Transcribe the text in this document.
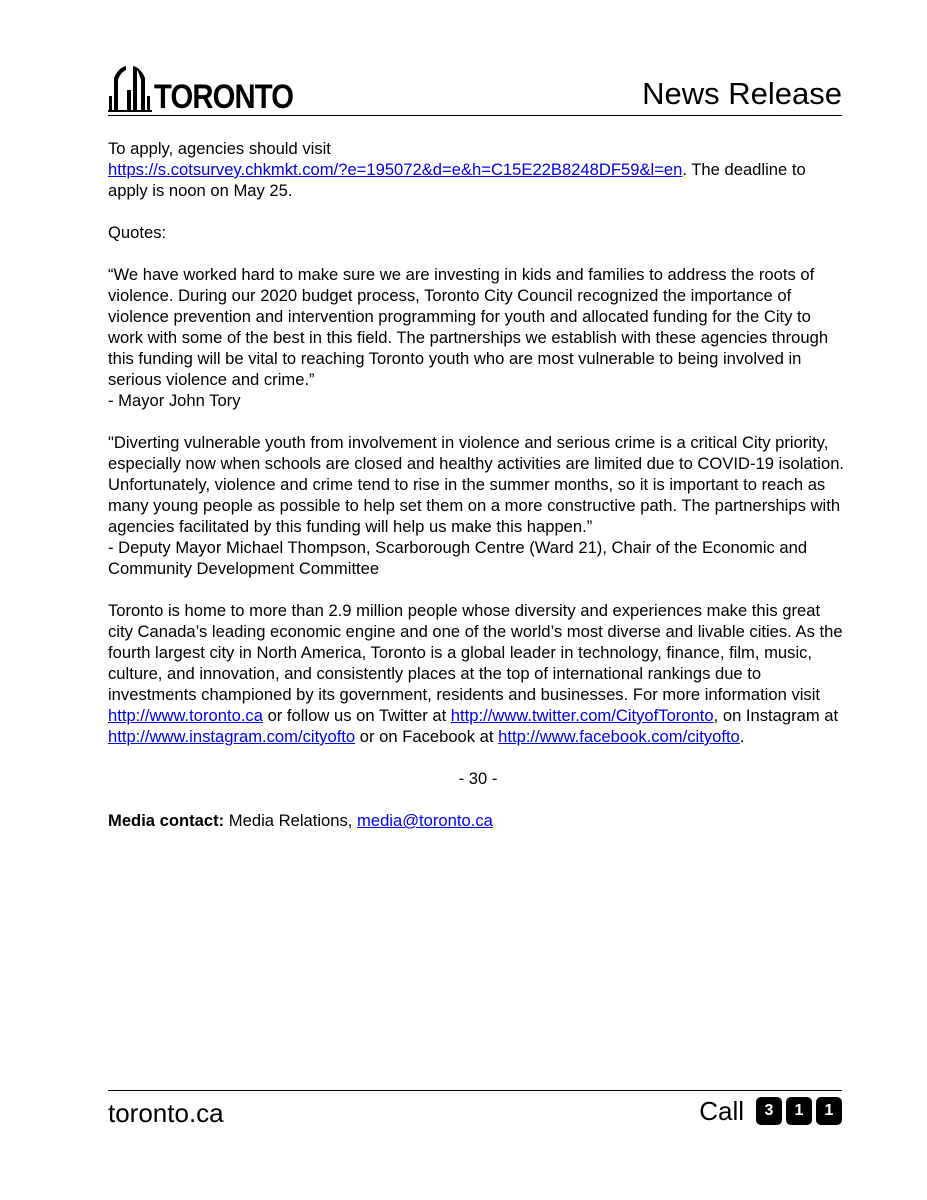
TORONTO	News Release

To apply, agencies should visit
https://s.cotsurvey.chkmkt.com/?e=195072&d=e&h=C15E22B8248DF59&l=en. The deadline to apply is noon on May 25.

Quotes:

“We have worked hard to make sure we are investing in kids and families to address the roots of violence. During our 2020 budget process, Toronto City Council recognized the importance of violence prevention and intervention programming for youth and allocated funding for the City to work with some of the best in this field. The partnerships we establish with these agencies through this funding will be vital to reaching Toronto youth who are most vulnerable to being involved in serious violence and crime.”
- Mayor John Tory

"Diverting vulnerable youth from involvement in violence and serious crime is a critical City priority, especially now when schools are closed and healthy activities are limited due to COVID-19 isolation. Unfortunately, violence and crime tend to rise in the summer months, so it is important to reach as many young people as possible to help set them on a more constructive path. The partnerships with agencies facilitated by this funding will help us make this happen.”
- Deputy Mayor Michael Thompson, Scarborough Centre (Ward 21), Chair of the Economic and Community Development Committee

Toronto is home to more than 2.9 million people whose diversity and experiences make this great city Canada’s leading economic engine and one of the world’s most diverse and livable cities. As the fourth largest city in North America, Toronto is a global leader in technology, finance, film, music, culture, and innovation, and consistently places at the top of international rankings due to investments championed by its government, residents and businesses. For more information visit http://www.toronto.ca or follow us on Twitter at http://www.twitter.com/CityofToronto, on Instagram at http://www.instagram.com/cityofto or on Facebook at http://www.facebook.com/cityofto.

- 30 -

Media contact: Media Relations, media@toronto.ca

toronto.ca	Call	3	1	1
